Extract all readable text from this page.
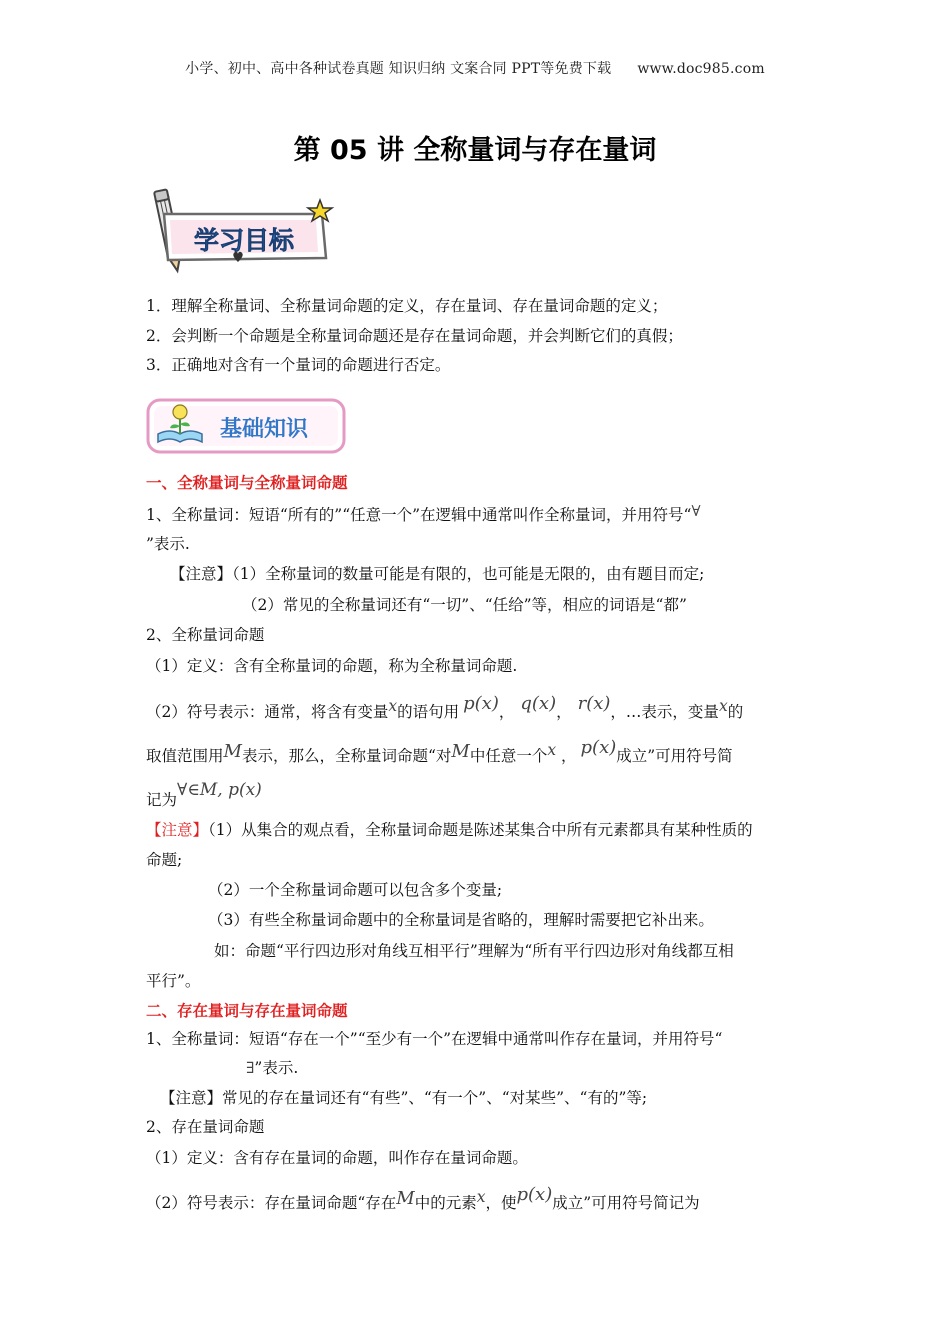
小学、初中、高中各种试卷真题 知识归纳 文案合同 PPT等免费下载 www.doc985.com
第 05 讲 全称量词与存在量词
学习目标
1．理解全称量词、全称量词命题的定义，存在量词、存在量词命题的定义；
2．会判断一个命题是全称量词命题还是存在量词命题，并会判断它们的真假；
3．正确地对含有一个量词的命题进行否定。
基础知识
一、全称量词与全称量词命题
1、全称量词：短语“所有的”“任意一个”在逻辑中通常叫作全称量词，并用符号“∀
”表示.
【注意】（1）全称量词的数量可能是有限的，也可能是无限的，由有题目而定;
（2）常见的全称量词还有“一切”、“任给”等，相应的词语是“都”
2、全称量词命题
（1）定义：含有全称量词的命题，称为全称量词命题.
（2）符号表示：通常，将含有变量x的语句用 p(x)， q(x)， r(x)，…表示，变量x的
取值范围用M表示，那么，全称量词命题“对M中任意一个x ， p(x)成立”可用符号简
记为∀∈M, p(x)
【注意】（1）从集合的观点看，全称量词命题是陈述某集合中所有元素都具有某种性质的
命题;
（2）一个全称量词命题可以包含多个变量;
（3）有些全称量词命题中的全称量词是省略的，理解时需要把它补出来。
如：命题“平行四边形对角线互相平行”理解为“所有平行四边形对角线都互相
平行”。
二、存在量词与存在量词命题
1、全称量词：短语“存在一个”“至少有一个”在逻辑中通常叫作存在量词，并用符号“
∃”表示.
【注意】常见的存在量词还有“有些”、“有一个”、“对某些”、“有的”等;
2、存在量词命题
（1）定义：含有存在量词的命题，叫作存在量词命题。
（2）符号表示：存在量词命题“存在M中的元素x，使p(x)成立”可用符号简记为
